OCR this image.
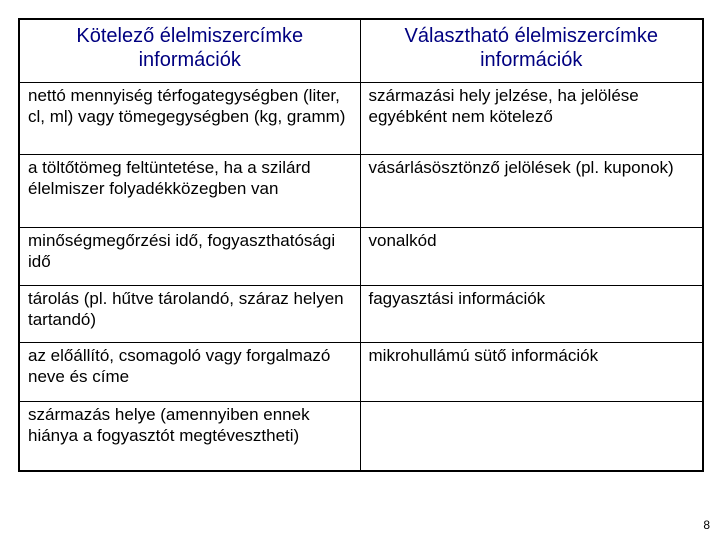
Kötelező élelmiszercímke információk	Választható élelmiszercímke információk
nettó mennyiség térfogategységben (liter, cl, ml) vagy tömegegységben (kg, gramm)	származási hely jelzése, ha jelölése egyébként nem kötelező
a töltőtömeg feltüntetése, ha a szilárd élelmiszer folyadékközegben van	vásárlásösztönző jelölések (pl. kuponok)
minőségmegőrzési idő, fogyaszthatósági idő	vonalkód
tárolás (pl. hűtve tárolandó, száraz helyen tartandó)	fagyasztási információk
az előállító, csomagoló vagy forgalmazó neve és címe	mikrohullámú sütő információk
származás helye (amennyiben ennek hiánya a fogyasztót megtévesztheti)	
8
